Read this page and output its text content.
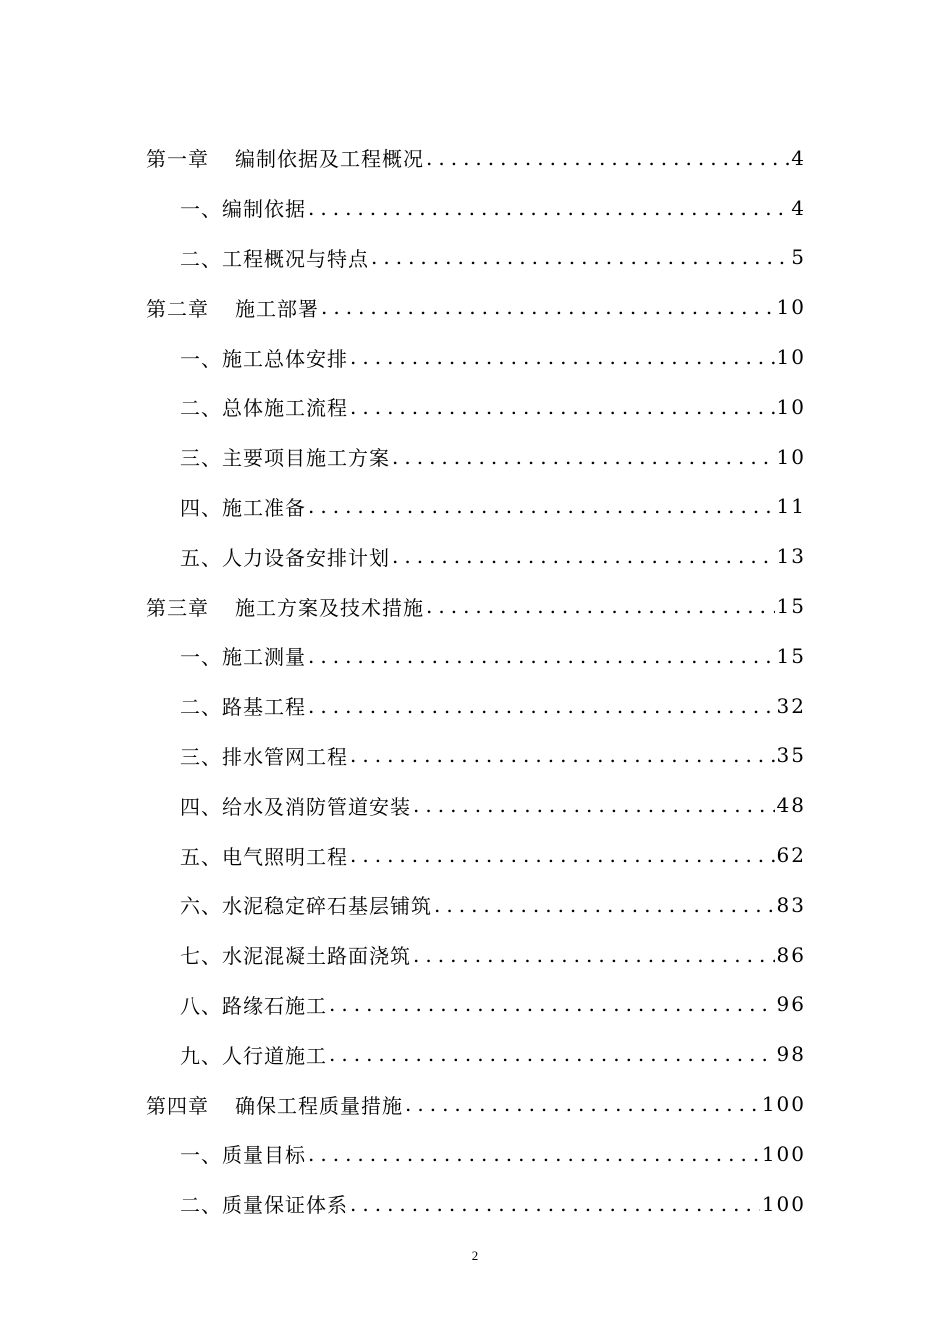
第一章 编制依据及工程概况 .....	4
一、编制依据 .....	4
二、工程概况与特点 .....	5
第二章 施工部署 .....	10
一、施工总体安排 .....	10
二、总体施工流程 .....	10
三、主要项目施工方案 .....	10
四、施工准备 .....	11
五、人力设备安排计划 .....	13
第三章 施工方案及技术措施 .....	15
一、施工测量 .....	15
二、路基工程 .....	32
三、排水管网工程 .....	35
四、给水及消防管道安装 .....	48
五、电气照明工程 .....	62
六、水泥稳定碎石基层铺筑 .....	83
七、水泥混凝土路面浇筑 .....	86
八、路缘石施工 .....	96
九、人行道施工 .....	98
第四章 确保工程质量措施 .....	100
一、质量目标 .....	100
二、质量保证体系 .....	100
2
